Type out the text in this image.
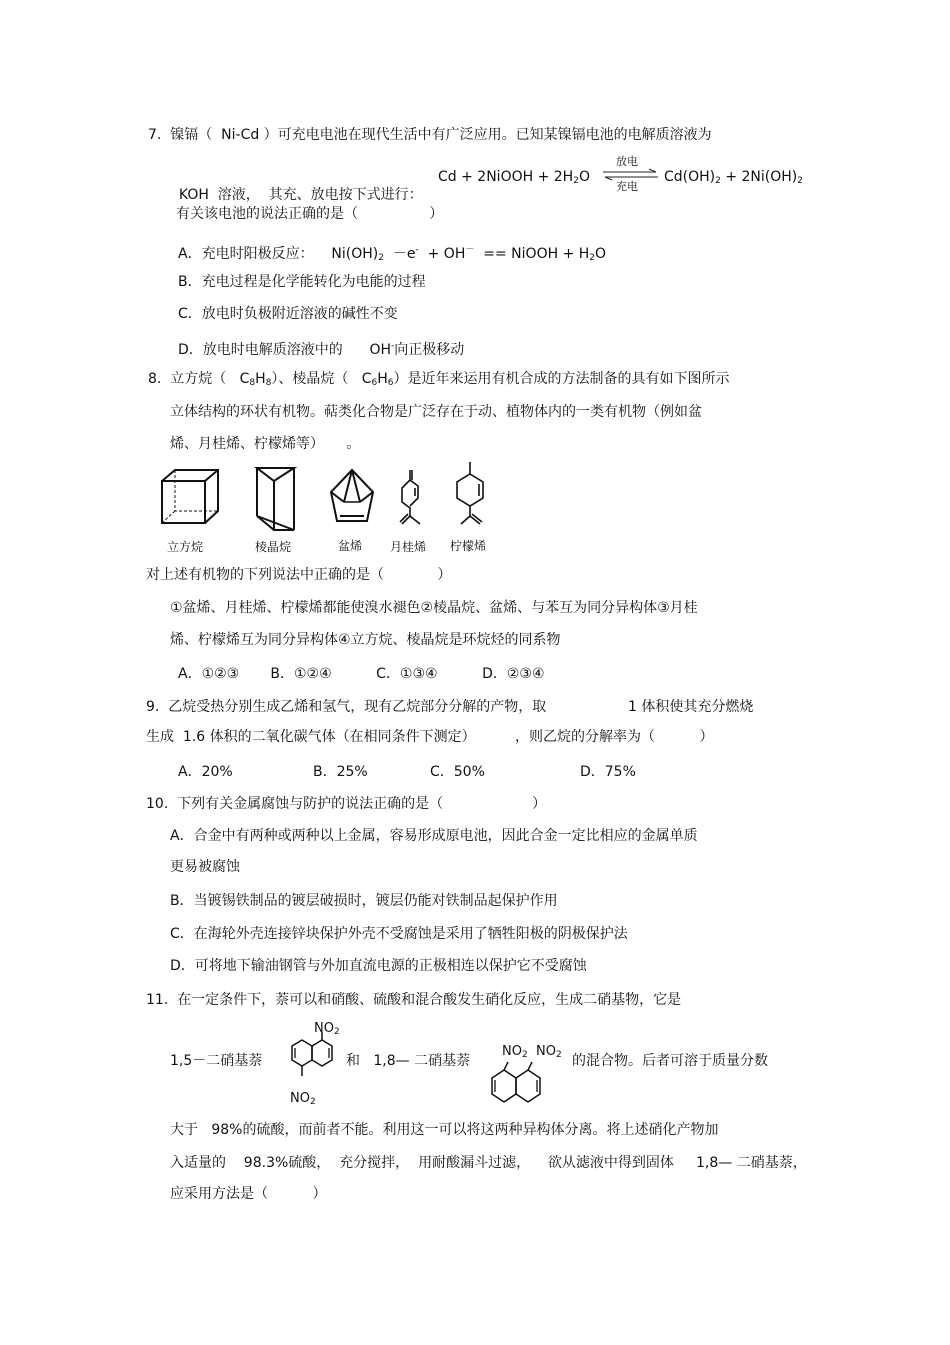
7.  镍镉（  Ni-Cd ）可充电电池在现代生活中有广泛应用。已知某镍镉电池的电解质溶液为

KOH  溶液，  其充、放电按下式进行：

Cd + 2NiOOH + 2H2O
放电
充电
Cd(OH)2 + 2Ni(OH)2
有关该电池的说法正确的是（                ）
A．充电时阳极反应：    Ni(OH)2  －e-  + OH－  == NiOOH + H2O
B．充电过程是化学能转化为电能的过程
C．放电时负极附近溶液的碱性不变
D．放电时电解质溶液中的      OH-向正极移动
8.  立方烷（   C8H8）、棱晶烷（   C6H6）是近年来运用有机合成的方法制备的具有如下图所示
立体结构的环状有机物。萜类化合物是广泛存在于动、植物体内的一类有机物（例如盆
烯、月桂烯、柠檬烯等）     。
立方烷	棱晶烷	盆烯 月桂烯 柠檬烯
对上述有机物的下列说法中正确的是（            ）
①盆烯、月桂烯、柠檬烯都能使溴水褪色②棱晶烷、盆烯、与苯互为同分异构体③月桂
烯、柠檬烯互为同分异构体④立方烷、棱晶烷是环烷烃的同系物
A．①②③       B．①②④          C．①③④          D．②③④
9.  乙烷受热分别生成乙烯和氢气，现有乙烷部分分解的产物，取	1 体积使其充分燃烧
生成  1.6 体积的二氧化碳气体（在相同条件下测定）	，则乙烷的分解率为（          ）
A．20%	B．25%	C．50%	D．75%
10.  下列有关金属腐蚀与防护的说法正确的是（                    ）
A．合金中有两种或两种以上金属，容易形成原电池，因此合金一定比相应的金属单质
更易被腐蚀
B．当镀锡铁制品的镀层破损时，镀层仍能对铁制品起保护作用
C．在海轮外壳连接锌块保护外壳不受腐蚀是采用了牺牲阳极的阴极保护法
D．可将地下输油钢管与外加直流电源的正极相连以保护它不受腐蚀
11.  在一定条件下，萘可以和硝酸、硫酸和混合酸发生硝化反应，生成二硝基物，它是
1,5－二硝基萘
NO2
NO2
和   1,8— 二硝基萘
NO2 NO2 的混合物。后者可溶于质量分数
大于   98%的硫酸，而前者不能。利用这一可以将这两种异构体分离。将上述硝化产物加
入适量的    98.3%硫酸，  充分搅拌，  用耐酸漏斗过滤，    欲从滤液中得到固体 1,8— 二硝基萘，
应采用方法是（          ）
